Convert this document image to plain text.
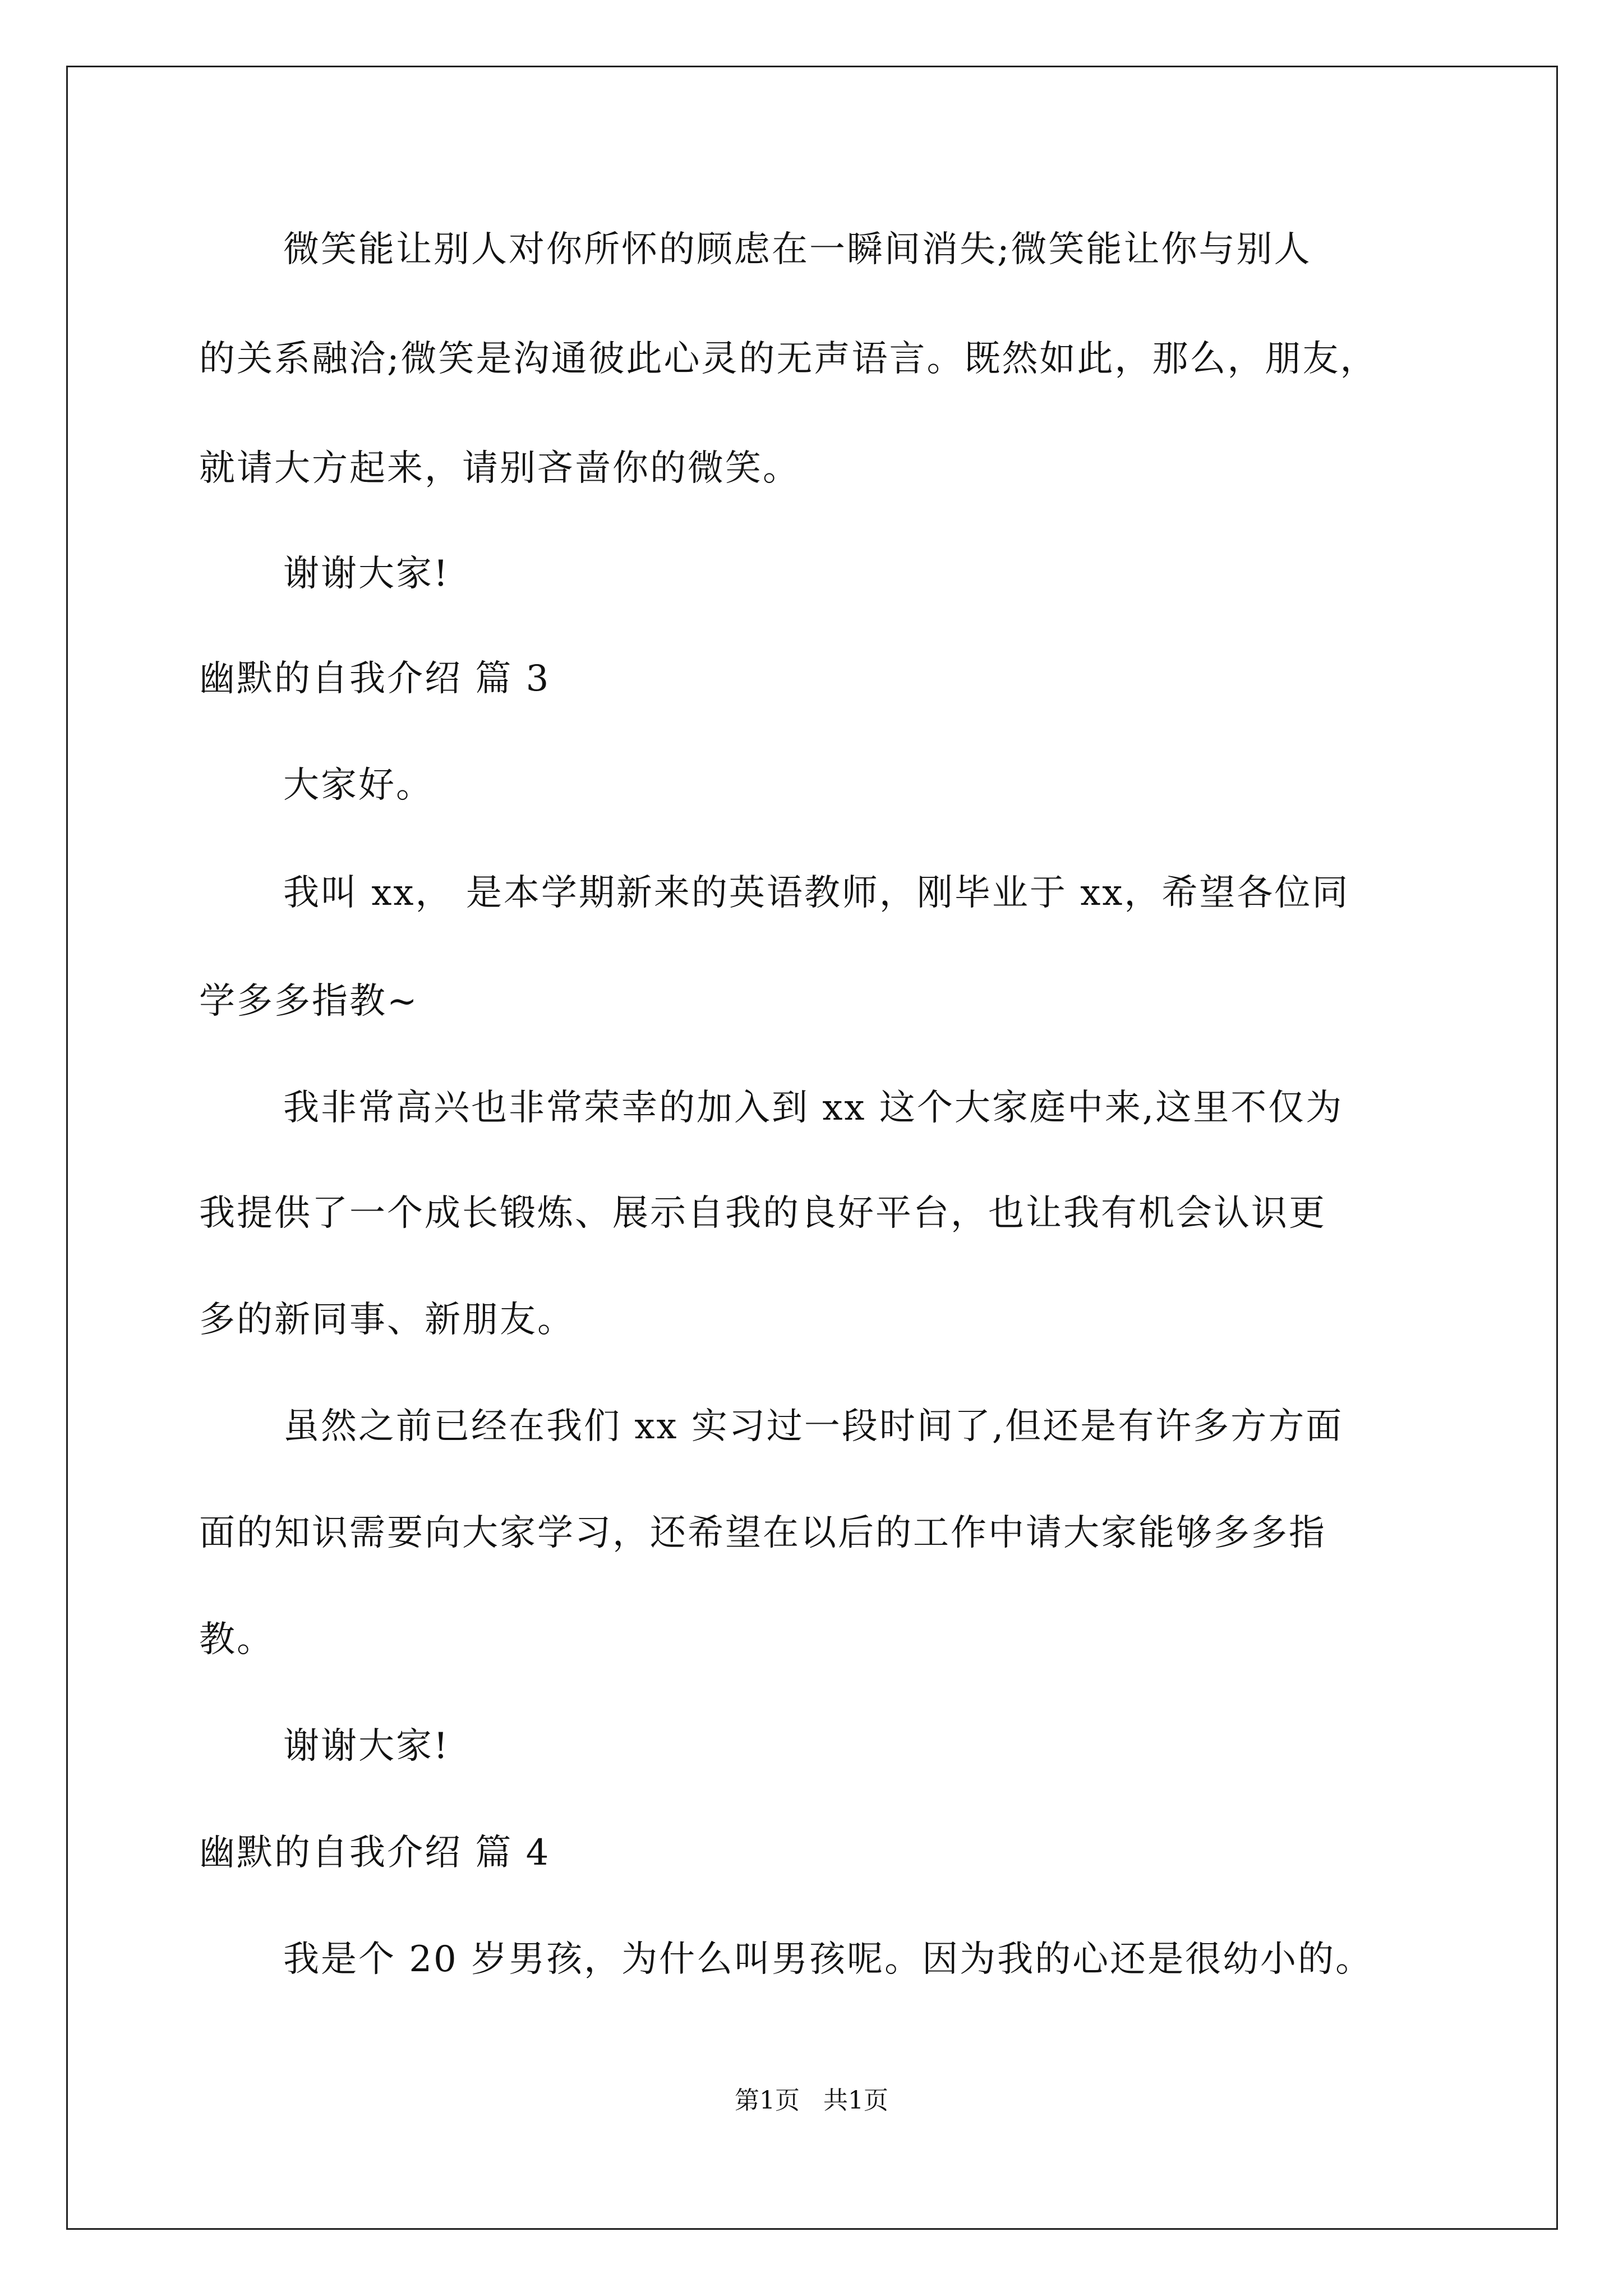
微笑能让别人对你所怀的顾虑在一瞬间消失;微笑能让你与别人
的关系融洽;微笑是沟通彼此心灵的无声语言。既然如此，那么，朋友，
就请大方起来，请别吝啬你的微笑。
谢谢大家!
幽默的自我介绍 篇 3
大家好。
我叫 xx， 是本学期新来的英语教师，刚毕业于 xx，希望各位同
学多多指教~
我非常高兴也非常荣幸的加入到 xx 这个大家庭中来,这里不仅为
我提供了一个成长锻炼、展示自我的良好平台，也让我有机会认识更
多的新同事、新朋友。
虽然之前已经在我们 xx 实习过一段时间了,但还是有许多方方面
面的知识需要向大家学习，还希望在以后的工作中请大家能够多多指
教。
谢谢大家!
幽默的自我介绍 篇 4
我是个 20 岁男孩，为什么叫男孩呢。因为我的心还是很幼小的。
第1页   共1页
